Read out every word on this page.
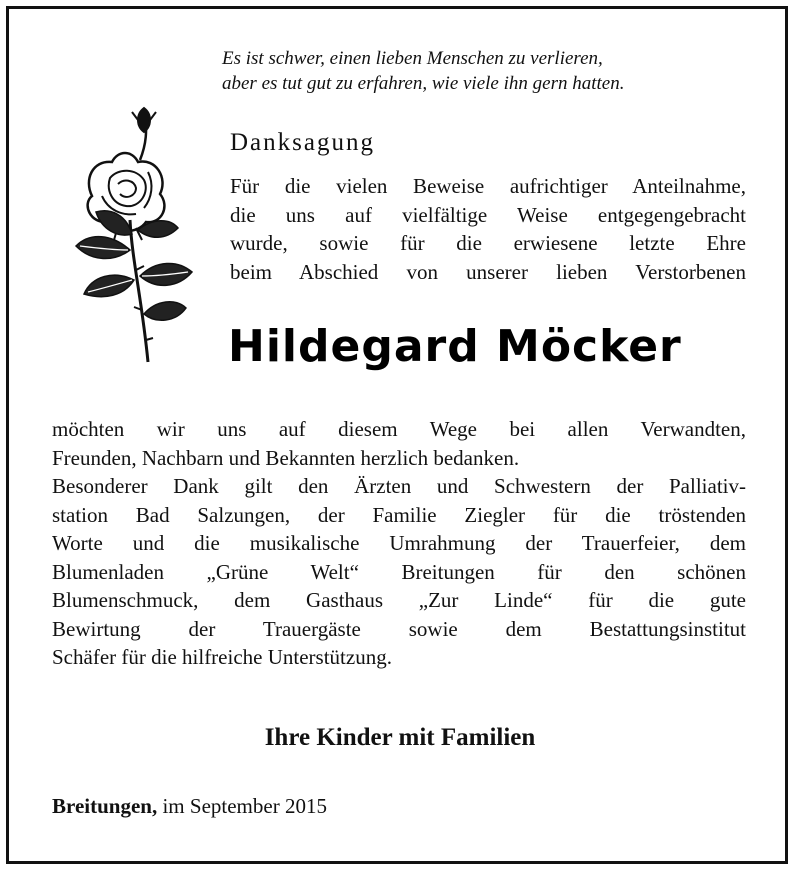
Es ist schwer, einen lieben Menschen zu verlieren,
aber es tut gut zu erfahren, wie viele ihn gern hatten.
Danksagung
Für die vielen Beweise aufrichtiger Anteilnahme,
die uns auf vielfältige Weise entgegengebracht
wurde, sowie für die erwiesene letzte Ehre
beim Abschied von unserer lieben Verstorbenen
Hildegard Möcker
möchten wir uns auf diesem Wege bei allen Verwandten,
Freunden, Nachbarn und Bekannten herzlich bedanken.
Besonderer Dank gilt den Ärzten und Schwestern der Palliativ-
station Bad Salzungen, der Familie Ziegler für die tröstenden
Worte und die musikalische Umrahmung der Trauerfeier, dem
Blumenladen „Grüne Welt“ Breitungen für den schönen
Blumenschmuck, dem Gasthaus „Zur Linde“ für die gute
Bewirtung der Trauergäste sowie dem Bestattungsinstitut
Schäfer für die hilfreiche Unterstützung.
Ihre Kinder mit Familien
Breitungen, im September 2015
